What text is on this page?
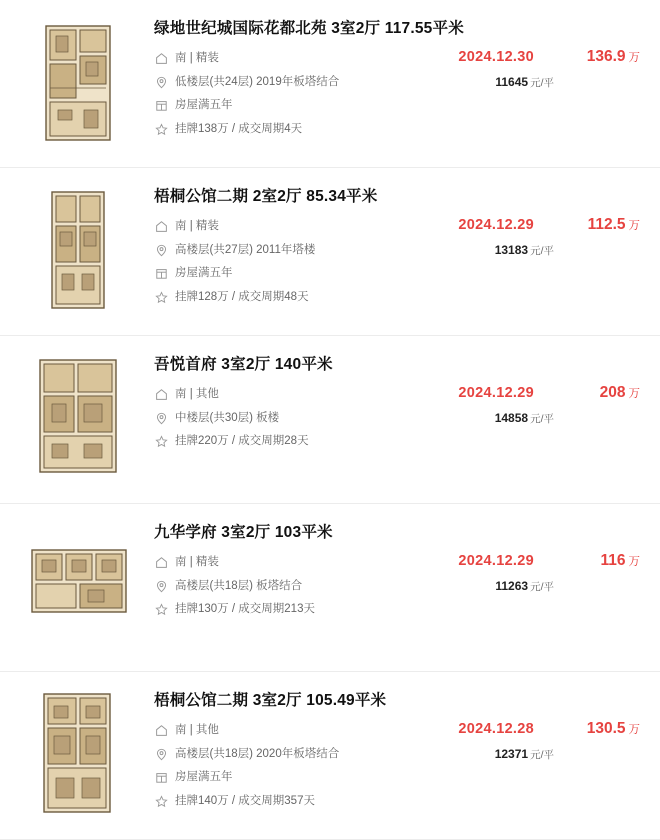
绿地世纪城国际花都北苑 3室2厅 117.55平米
南 | 精装
低楼层(共24层) 2019年板塔结合
房屋满五年
挂牌138万 / 成交周期4天
2024.12.30	136.9 万
11645 元/平
梧桐公馆二期 2室2厅 85.34平米
南 | 精装
高楼层(共27层) 2011年塔楼
房屋满五年
挂牌128万 / 成交周期48天
2024.12.29	112.5 万
13183 元/平
吾悦首府 3室2厅 140平米
南 | 其他
中楼层(共30层) 板楼
挂牌220万 / 成交周期28天
2024.12.29	208 万
14858 元/平
九华学府 3室2厅 103平米
南 | 精装
高楼层(共18层) 板塔结合
挂牌130万 / 成交周期213天
2024.12.29	116 万
11263 元/平
梧桐公馆二期 3室2厅 105.49平米
南 | 其他
高楼层(共18层) 2020年板塔结合
房屋满五年
挂牌140万 / 成交周期357天
2024.12.28	130.5 万
12371 元/平
